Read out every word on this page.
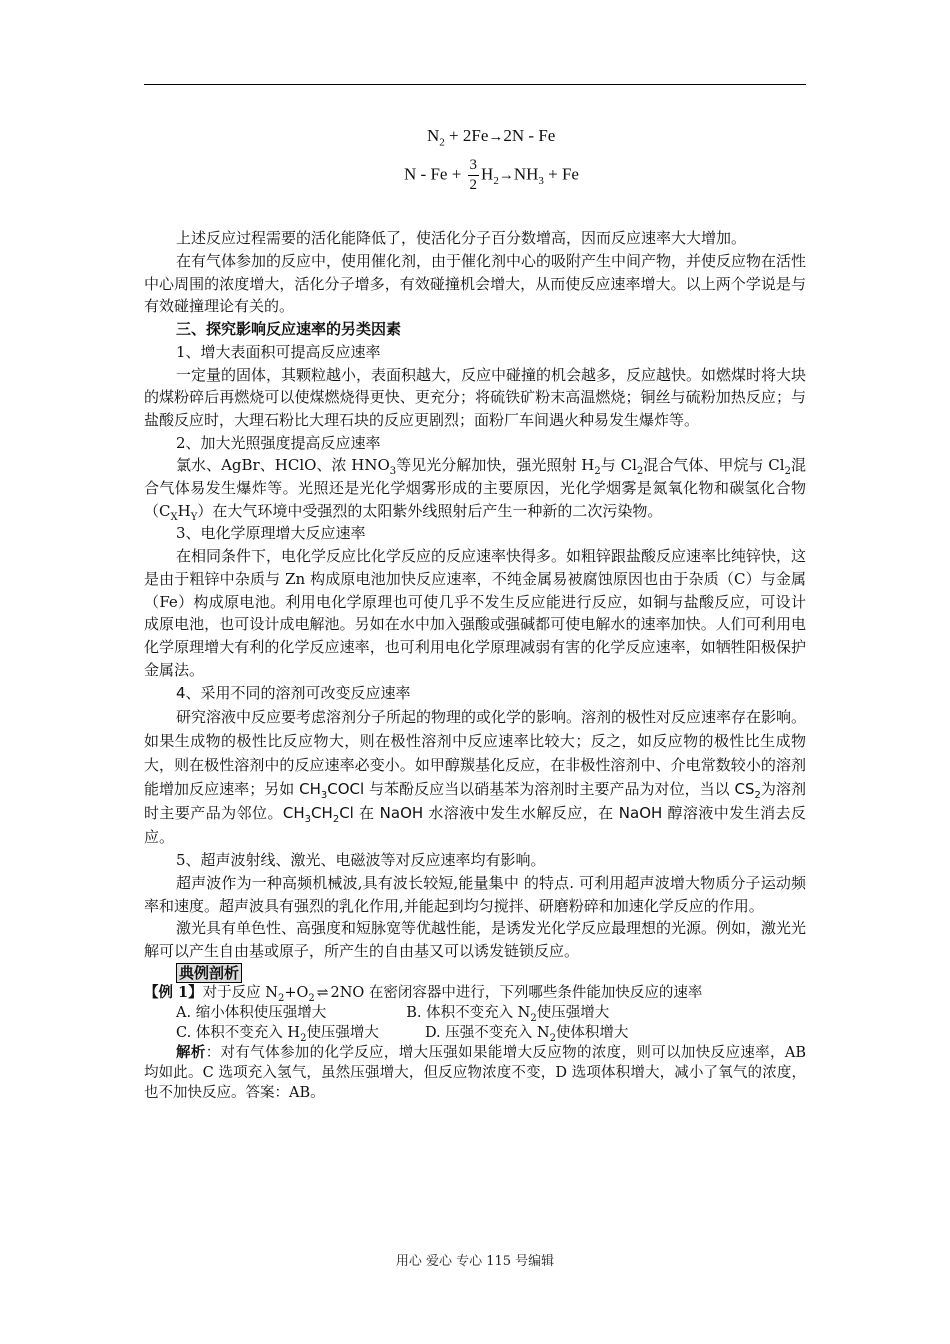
$N_2 + 2Fe\to 2N - Fe$
$N - Fe + \frac{3}{2} H_2\to NH_3 + Fe$

上述反应过程需要的活化能降低了，使活化分子百分数增高，因而反应速率大大增加。

在有气体参加的反应中，使用催化剂，由于催化剂中心的吸附产生中间产物，并使反应物在活性中心周围的浓度增大，活化分子增多，有效碰撞机会增大，从而使反应速率增大。以上两个学说是与有效碰撞理论有关的。

三、探究影响反应速率的另类因素

1、增大表面积可提高反应速率

一定量的固体，其颗粒越小，表面积越大，反应中碰撞的机会越多，反应越快。如燃煤时将大块的煤粉碎后再燃烧可以使煤燃烧得更快、更充分；将硫铁矿粉末高温燃烧；铜丝与硫粉加热反应；与盐酸反应时，大理石粉比大理石块的反应更剧烈；面粉厂车间遇火种易发生爆炸等。

2、加大光照强度提高反应速率

氯水、AgBr、HClO、浓 $HNO_3$等见光分解加快，强光照射 $H_2$与 $Cl_2$混合气体、甲烷与 $Cl_2$混合气体易发生爆炸等。光照还是光化学烟雾形成的主要原因，光化学烟雾是氮氧化物和碳氢化合物$(C_XH_Y)$在大气环境中受强烈的太阳紫外线照射后产生一种新的二次污染物。

3、电化学原理增大反应速率

在相同条件下，电化学反应比化学反应的反应速率快得多。如粗锌跟盐酸反应速率比纯锌快，这是由于粗锌中杂质与 Zn 构成原电池加快反应速率，不纯金属易被腐蚀原因也由于杂质（C）与金属（Fe）构成原电池。利用电化学原理也可使几乎不发生反应能进行反应，如铜与盐酸反应，可设计成原电池，也可设计成电解池。另如在水中加入强酸或强碱都可使电解水的速率加快。人们可利用电化学原理增大有利的化学反应速率，也可利用电化学原理减弱有害的化学反应速率，如牺牲阳极保护金属法。

4、采用不同的溶剂可改变反应速率

研究溶液中反应要考虑溶剂分子所起的物理的或化学的影响。溶剂的极性对反应速率存在影响。如果生成物的极性比反应物大，则在极性溶剂中反应速率比较大；反之，如反应物的极性比生成物大，则在极性溶剂中的反应速率必变小。如甲醇羰基化反应，在非极性溶剂中、介电常数较小的溶剂能增加反应速率；另如 $CH_3COCl$ 与苯酚反应当以硝基苯为溶剂时主要产品为对位，当以 $CS_2$为溶剂时主要产品为邻位。$CH_3CH_2Cl$ 在 NaOH 水溶液中发生水解反应，在 NaOH 醇溶液中发生消去反应。

5、超声波射线、激光、电磁波等对反应速率均有影响。

超声波作为一种高频机械波,具有波长较短,能量集中 的特点. 可利用超声波增大物质分子运动频率和速度。超声波具有强烈的乳化作用,并能起到均匀搅拌、研磨粉碎和加速化学反应的作用。

激光具有单色性、高强度和短脉宽等优越性能，是诱发光化学反应最理想的光源。例如，激光光解可以产生自由基或原子，所产生的自由基又可以诱发链锁反应。

典例剖析

【例 1】对于反应 $N_2+O_2$ ⇌ 2NO 在密闭容器中进行，下列哪些条件能加快反应的速率

A. 缩小体积使压强增大	B. 体积不变充入 $N_2$使压强增大

C. 体积不变充入 $H_2$使压强增大	D. 压强不变充入 $N_2$使体积增大

解析：对有气体参加的化学反应，增大压强如果能增大反应物的浓度，则可以加快反应速率，AB 均如此。C 选项充入氢气，虽然压强增大，但反应物浓度不变，D 选项体积增大，减小了氧气的浓度，也不加快反应。答案：AB。

用心 爱心 专心 115 号编辑
